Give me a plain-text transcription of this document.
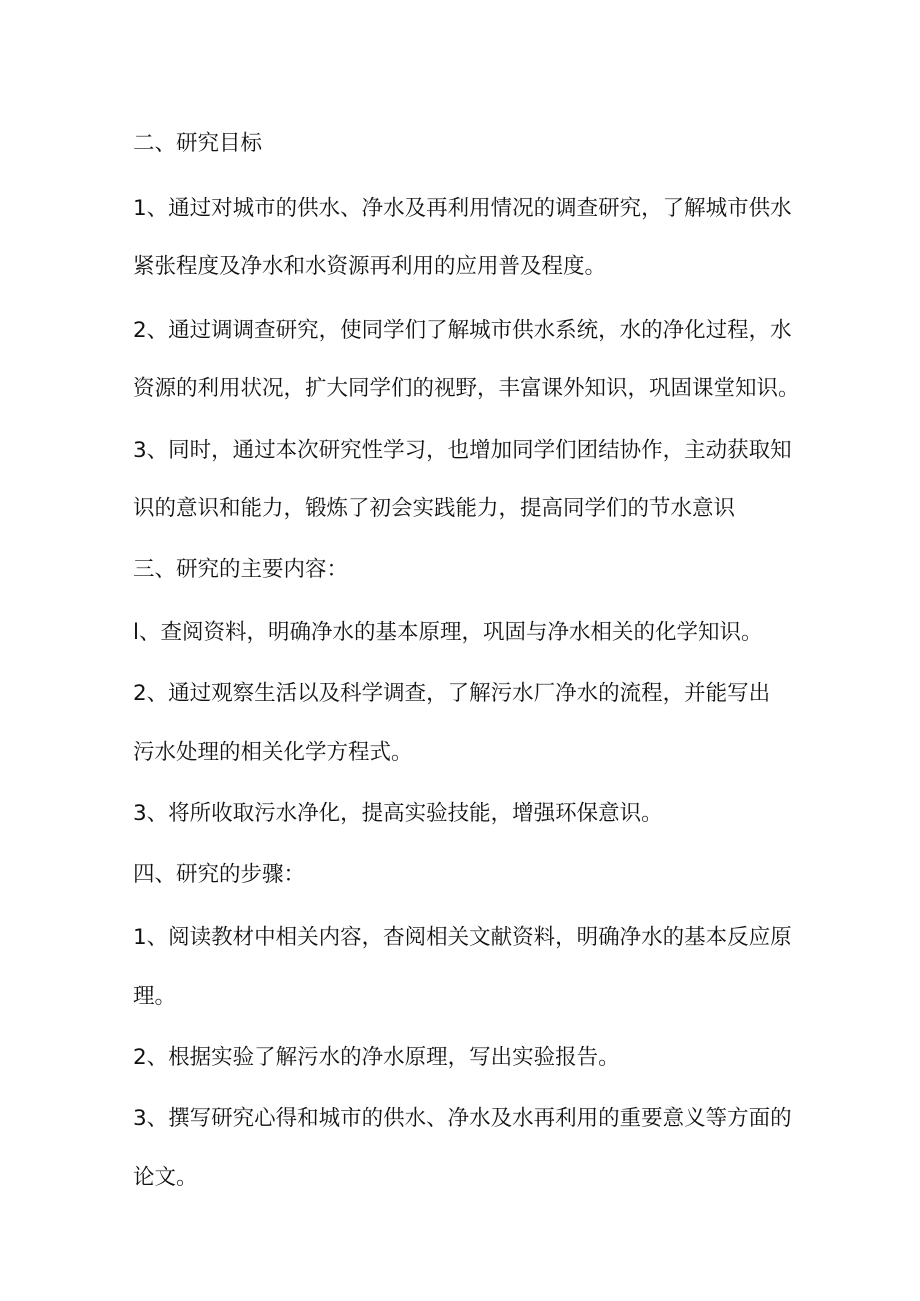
二、研究目标

1、通过对城市的供水、净水及再利用情况的调查研究，了解城市供水

紧张程度及净水和水资源再利用的应用普及程度。

2、通过调调查研究，使同学们了解城市供水系统，水的净化过程，水

资源的利用状况，扩大同学们的视野，丰富课外知识，巩固课堂知识。

3、同时，通过本次研究性学习，也增加同学们团结协作，主动获取知

识的意识和能力，锻炼了初会实践能力，提高同学们的节水意识

三、研究的主要内容：

l、查阅资料，明确净水的基本原理，巩固与净水相关的化学知识。

2、通过观察生活以及科学调查，了解污水厂净水的流程，并能写出

污水处理的相关化学方程式。

3、将所收取污水净化，提高实验技能，增强环保意识。

四、研究的步骤：

1、阅读教材中相关内容，杳阅相关文献资料，明确净水的基本反应原

理。

2、根据实验了解污水的净水原理，写出实验报告。

3、撰写研究心得和城市的供水、净水及水再利用的重要意义等方面的

论文。
